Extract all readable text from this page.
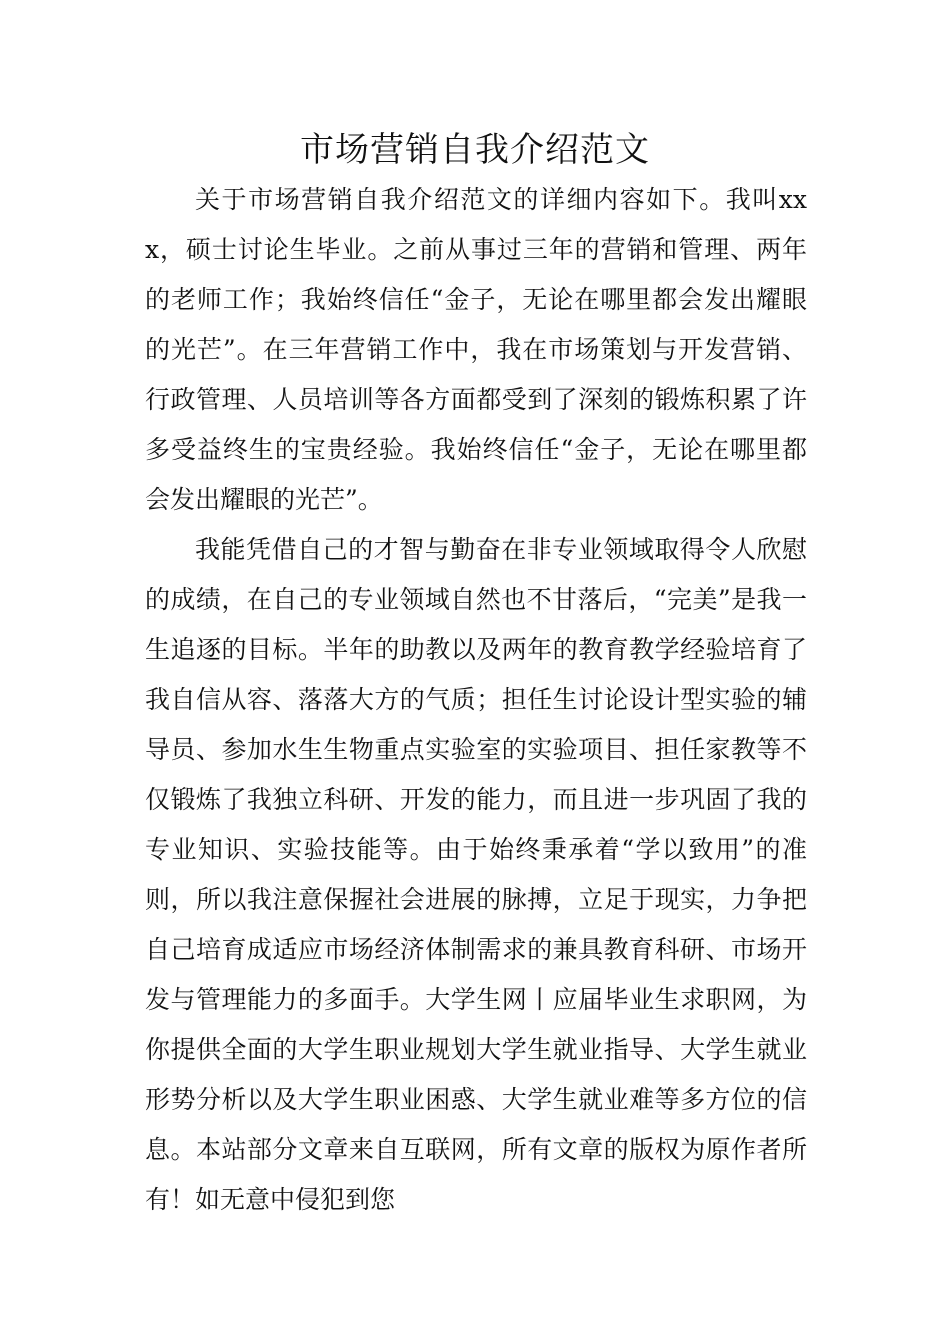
市场营销自我介绍范文

关于市场营销自我介绍范文的详细内容如下。我叫xxx，硕士讨论生毕业。之前从事过三年的营销和管理、两年的老师工作；我始终信任“金子，无论在哪里都会发出耀眼的光芒”。在三年营销工作中，我在市场策划与开发营销、行政管理、人员培训等各方面都受到了深刻的锻炼积累了许多受益终生的宝贵经验。我始终信任“金子，无论在哪里都会发出耀眼的光芒”。

我能凭借自己的才智与勤奋在非专业领域取得令人欣慰的成绩，在自己的专业领域自然也不甘落后，“完美”是我一生追逐的目标。半年的助教以及两年的教育教学经验培育了我自信从容、落落大方的气质；担任生讨论设计型实验的辅导员、参加水生生物重点实验室的实验项目、担任家教等不仅锻炼了我独立科研、开发的能力，而且进一步巩固了我的专业知识、实验技能等。由于始终秉承着“学以致用”的准则，所以我注意保握社会进展的脉搏，立足于现实，力争把自己培育成适应市场经济体制需求的兼具教育科研、市场开发与管理能力的多面手。大学生网丨应届毕业生求职网，为你提供全面的大学生职业规划大学生就业指导、大学生就业形势分析以及大学生职业困惑、大学生就业难等多方位的信息。本站部分文章来自互联网，所有文章的版权为原作者所有！如无意中侵犯到您
